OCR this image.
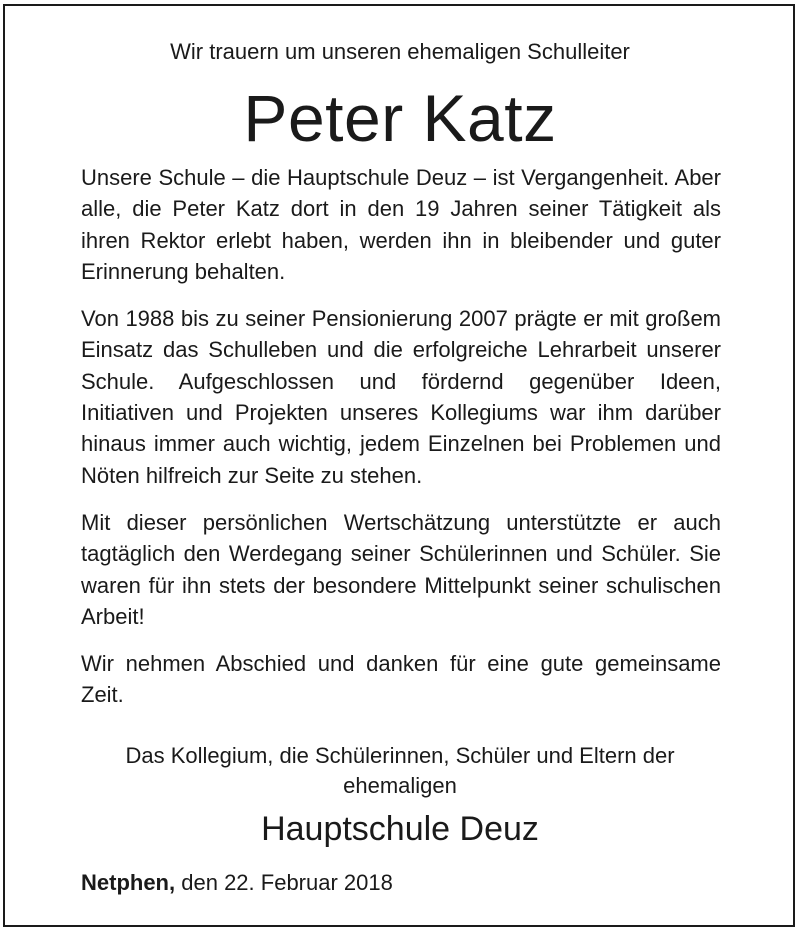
Wir trauern um unseren ehemaligen Schulleiter
Peter Katz

Unsere Schule – die Hauptschule Deuz – ist Vergangenheit. Aber alle, die Peter Katz dort in den 19 Jahren seiner Tätigkeit als ihren Rektor erlebt haben, werden ihn in bleibender und guter Erinnerung behalten.

Von 1988 bis zu seiner Pensionierung 2007 prägte er mit großem Einsatz das Schulleben und die erfolgreiche Lehrarbeit unserer Schule. Aufgeschlossen und fördernd gegenüber Ideen, Initiativen und Projekten unseres Kollegiums war ihm darüber hinaus immer auch wichtig, jedem Einzelnen bei Problemen und Nöten hilfreich zur Seite zu stehen.

Mit dieser persönlichen Wertschätzung unterstützte er auch tagtäglich den Werdegang seiner Schülerinnen und Schüler. Sie waren für ihn stets der besondere Mittelpunkt seiner schulischen Arbeit!

Wir nehmen Abschied und danken für eine gute gemeinsame Zeit.

Das Kollegium, die Schülerinnen, Schüler und Eltern der
ehemaligen
Hauptschule Deuz
Netphen, den 22. Februar 2018
